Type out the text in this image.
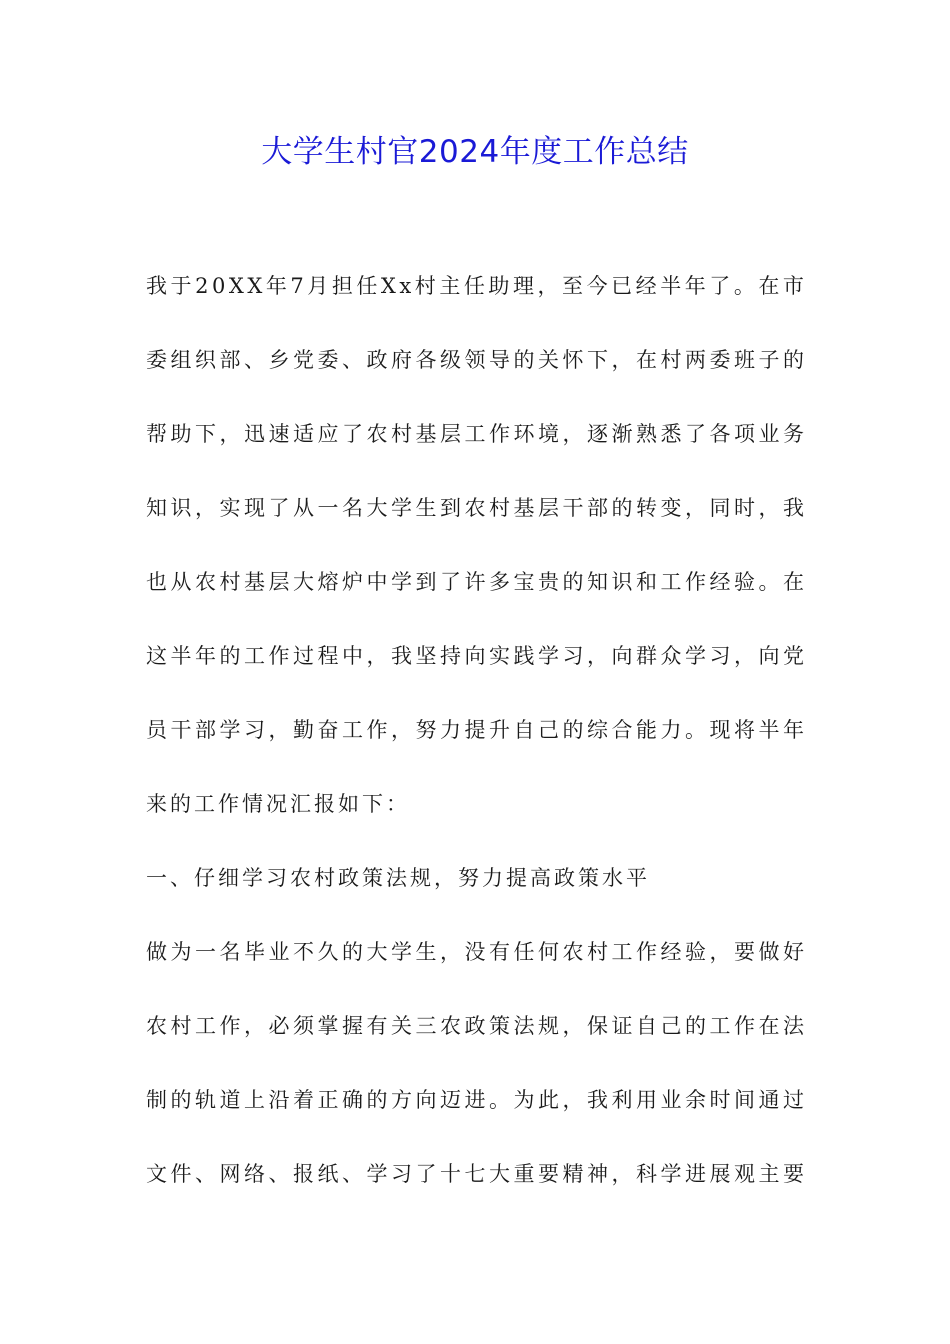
大学生村官2024年度工作总结
我于20XX年7月担任Xx村主任助理，至今已经半年了。在市
委组织部、乡党委、政府各级领导的关怀下，在村两委班子的
帮助下，迅速适应了农村基层工作环境，逐渐熟悉了各项业务
知识，实现了从一名大学生到农村基层干部的转变，同时，我
也从农村基层大熔炉中学到了许多宝贵的知识和工作经验。在
这半年的工作过程中，我坚持向实践学习，向群众学习，向党
员干部学习，勤奋工作，努力提升自己的综合能力。现将半年
来的工作情况汇报如下：
一、仔细学习农村政策法规，努力提高政策水平
做为一名毕业不久的大学生，没有任何农村工作经验，要做好
农村工作，必须掌握有关三农政策法规，保证自己的工作在法
制的轨道上沿着正确的方向迈进。为此，我利用业余时间通过
文件、网络、报纸、学习了十七大重要精神，科学进展观主要
